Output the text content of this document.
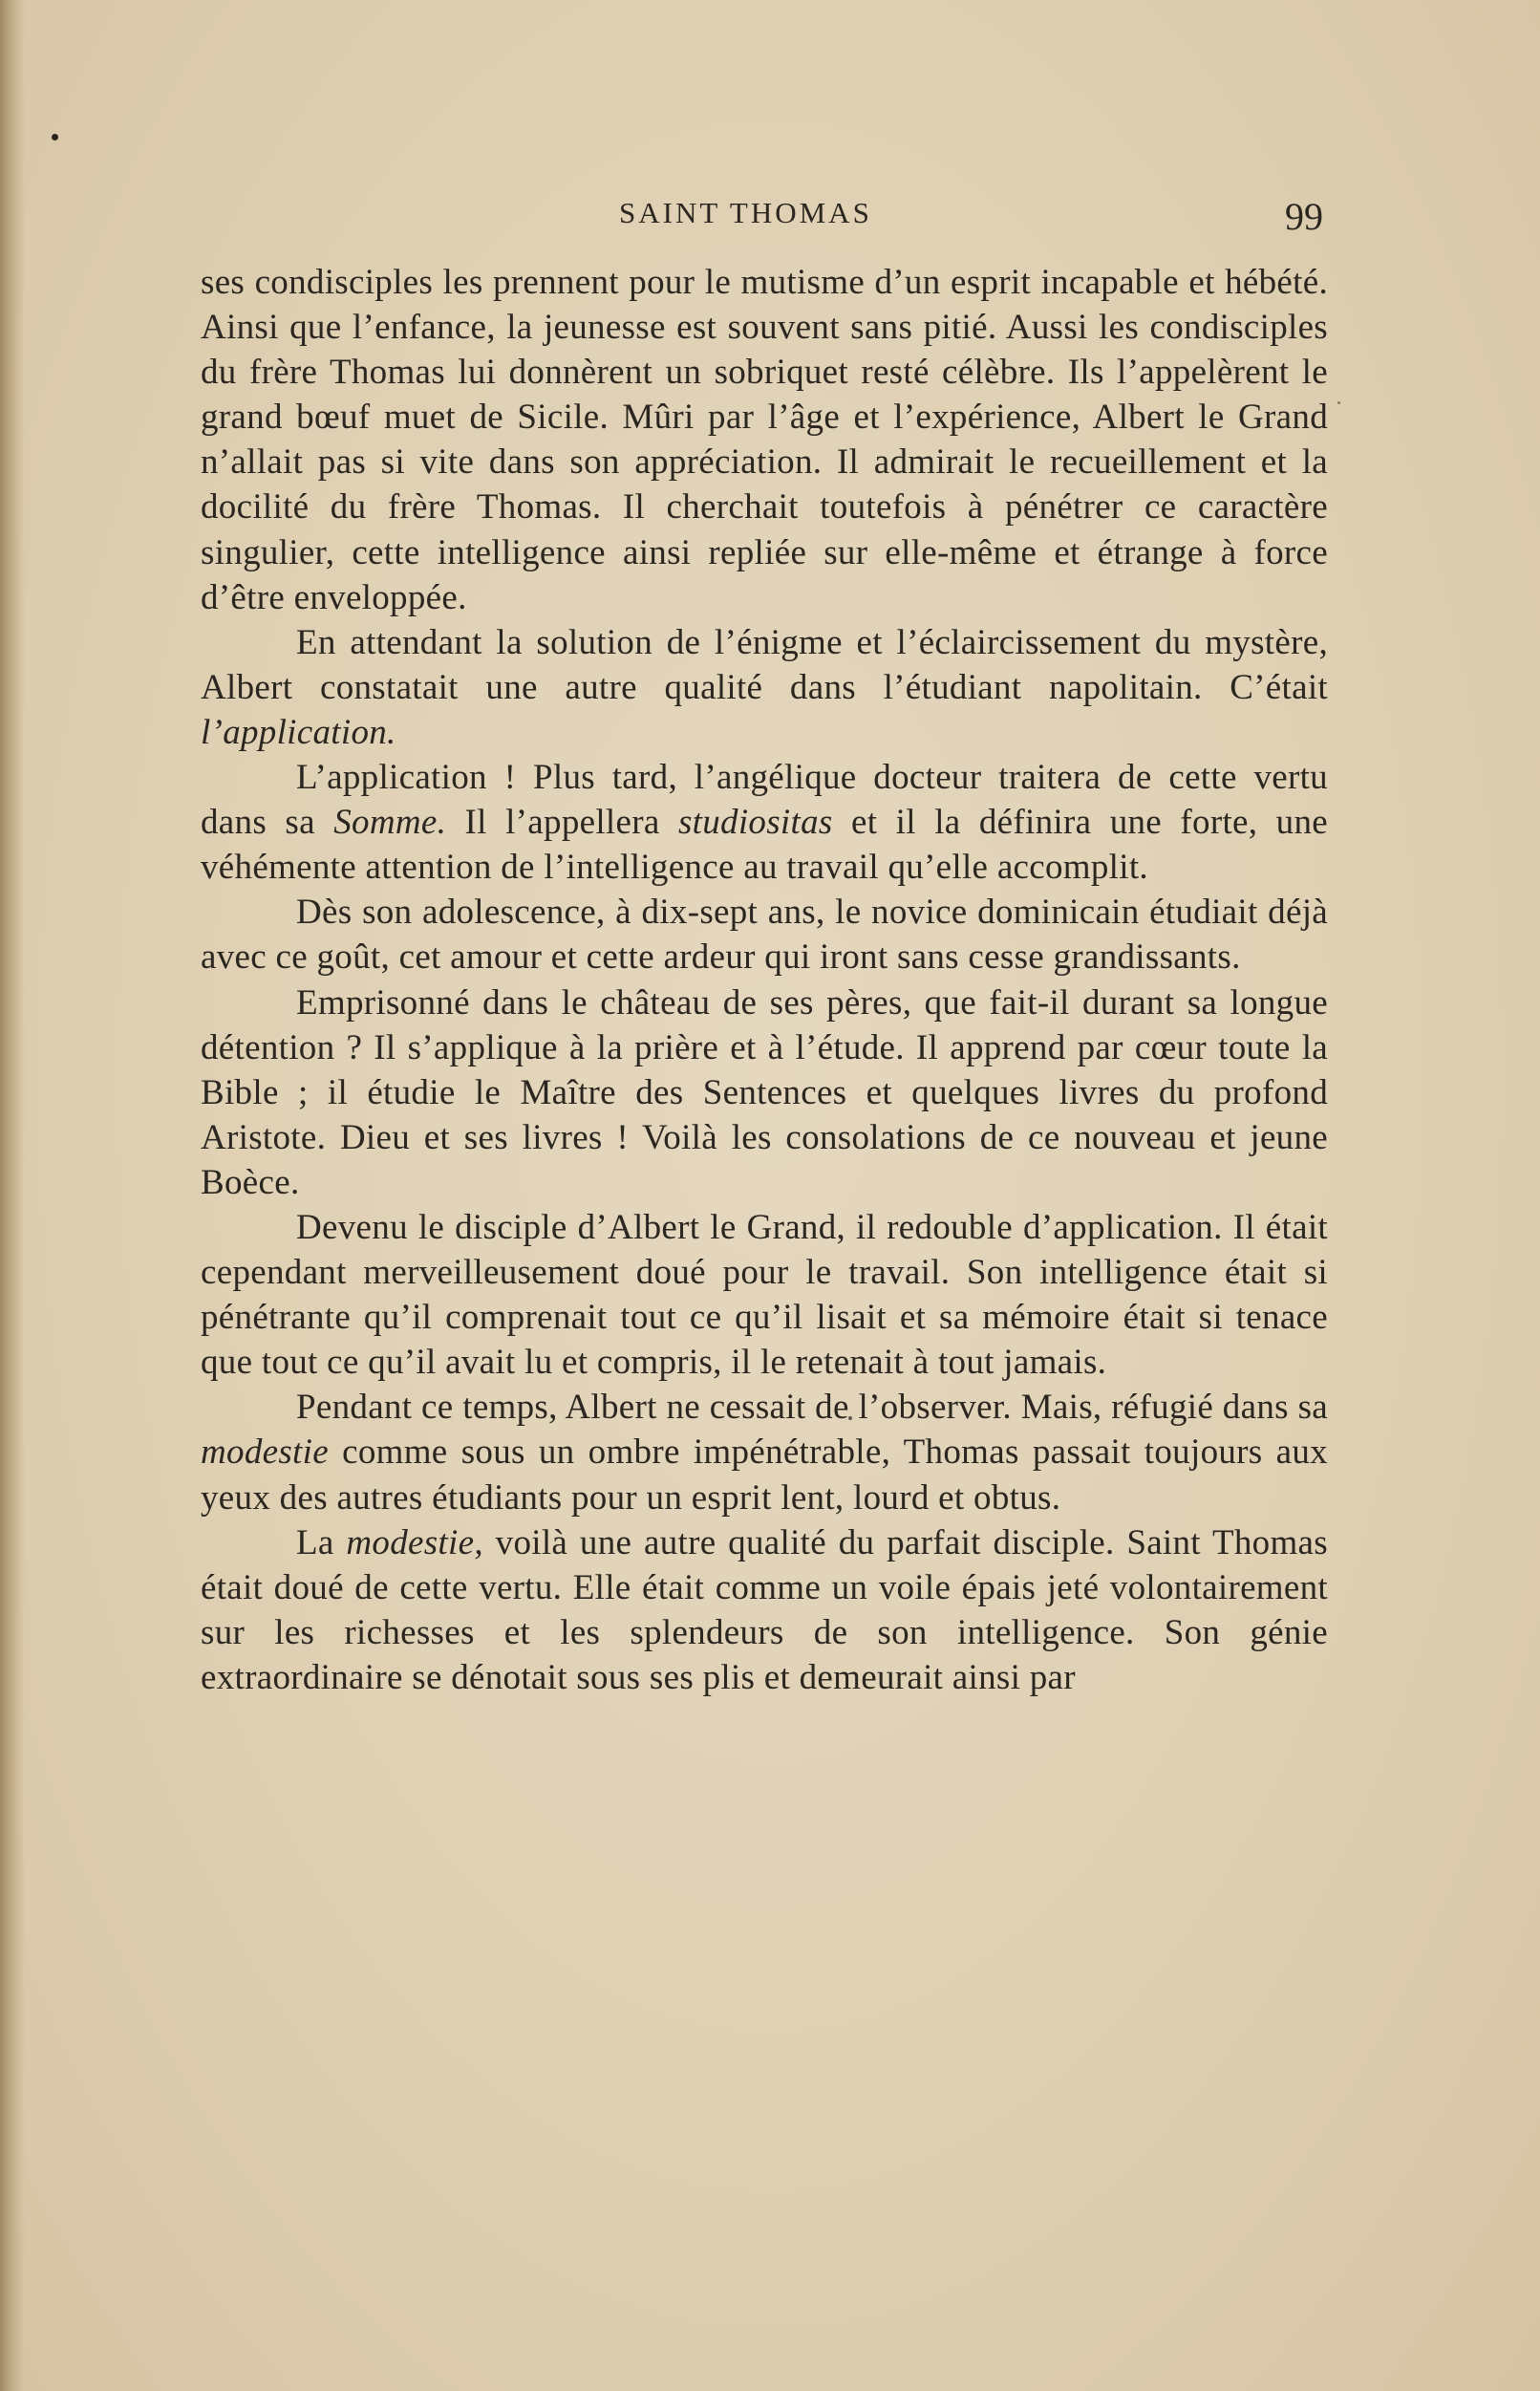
SAINT THOMAS	99

ses condisciples les prennent pour le mutisme d’un esprit incapable et hébété. Ainsi que l’enfance, la jeunesse est souvent sans pitié. Aussi les condisciples du frère Thomas lui donnèrent un sobriquet resté célèbre. Ils l’appelèrent le grand bœuf muet de Sicile. Mûri par l’âge et l’expérience, Albert le Grand n’allait pas si vite dans son appréciation. Il admirait le recueillement et la docilité du frère Thomas. Il cherchait toutefois à pénétrer ce caractère singulier, cette intelligence ainsi repliée sur elle-même et étrange à force d’être enveloppée.

En attendant la solution de l’énigme et l’éclaircissement du mystère, Albert constatait une autre qualité dans l’étudiant napolitain. C’était l’application.

L’application ! Plus tard, l’angélique docteur traitera de cette vertu dans sa Somme. Il l’appellera studiositas et il la définira une forte, une véhémente attention de l’intelligence au travail qu’elle accomplit.

Dès son adolescence, à dix-sept ans, le novice dominicain étudiait déjà avec ce goût, cet amour et cette ardeur qui iront sans cesse grandissants.

Emprisonné dans le château de ses pères, que fait-il durant sa longue détention ? Il s’applique à la prière et à l’étude. Il apprend par cœur toute la Bible ; il étudie le Maître des Sentences et quelques livres du profond Aristote. Dieu et ses livres ! Voilà les consolations de ce nouveau et jeune Boèce.

Devenu le disciple d’Albert le Grand, il redouble d’application. Il était cependant merveilleusement doué pour le travail. Son intelligence était si pénétrante qu’il comprenait tout ce qu’il lisait et sa mémoire était si tenace que tout ce qu’il avait lu et compris, il le retenait à tout jamais.

Pendant ce temps, Albert ne cessait de l’observer. Mais, réfugié dans sa modestie comme sous un ombre impénétrable, Thomas passait toujours aux yeux des autres étudiants pour un esprit lent, lourd et obtus.

La modestie, voilà une autre qualité du parfait disciple. Saint Thomas était doué de cette vertu. Elle était comme un voile épais jeté volontairement sur les richesses et les splendeurs de son intelligence. Son génie extraordinaire se dénotait sous ses plis et demeurait ainsi par
